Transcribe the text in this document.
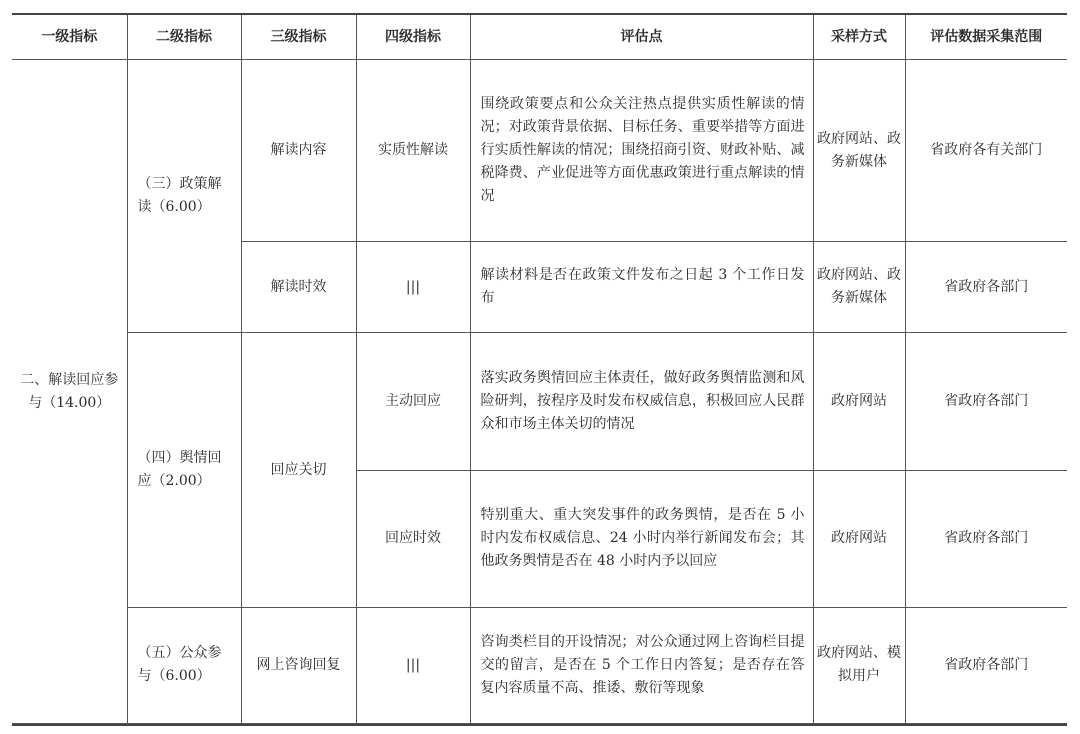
一级指标	二级指标	三级指标	四级指标	评估点	采样方式	评估数据采集范围
二、解读回应参与（14.00）	（三）政策解读（6.00）	解读内容	实质性解读	围绕政策要点和公众关注热点提供实质性解读的情况；对政策背景依据、目标任务、重要举措等方面进行实质性解读的情况；围绕招商引资、财政补贴、减税降费、产业促进等方面优惠政策进行重点解读的情况	政府网站、政务新媒体	省政府各有关部门
		解读时效	|||	解读材料是否在政策文件发布之日起 3 个工作日发布	政府网站、政务新媒体	省政府各部门
	（四）舆情回应（2.00）	回应关切	主动回应	落实政务舆情回应主体责任，做好政务舆情监测和风险研判，按程序及时发布权威信息，积极回应人民群众和市场主体关切的情况	政府网站	省政府各部门
			回应时效	特别重大、重大突发事件的政务舆情，是否在 5 小时内发布权威信息、24 小时内举行新闻发布会；其他政务舆情是否在 48 小时内予以回应	政府网站	省政府各部门
	（五）公众参与（6.00）	网上咨询回复	|||	咨询类栏目的开设情况；对公众通过网上咨询栏目提交的留言，是否在 5 个工作日内答复；是否存在答复内容质量不高、推诿、敷衍等现象	政府网站、模拟用户	省政府各部门
